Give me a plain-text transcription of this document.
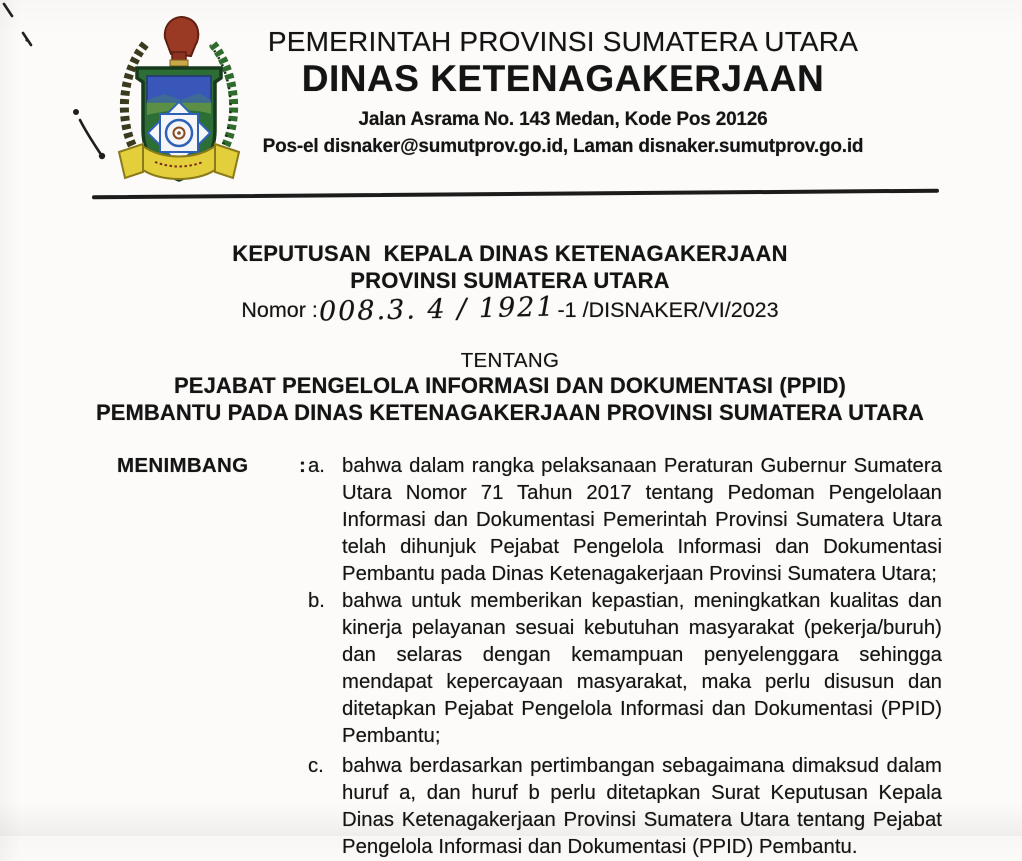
PEMERINTAH PROVINSI SUMATERA UTARA
DINAS KETENAGAKERJAAN
Jalan Asrama No. 143 Medan, Kode Pos 20126
Pos-el disnaker@sumutprov.go.id, Laman disnaker.sumutprov.go.id
KEPUTUSAN  KEPALA DINAS KETENAGAKERJAAN
PROVINSI SUMATERA UTARA
Nomor :008.3. 4 / 1921-1 /DISNAKER/VI/2023
TENTANG
PEJABAT PENGELOLA INFORMASI DAN DOKUMENTASI (PPID)
PEMBANTU PADA DINAS KETENAGAKERJAAN PROVINSI SUMATERA UTARA
MENIMBANG : a. bahwa dalam rangka pelaksanaan Peraturan Gubernur Sumatera Utara Nomor 71 Tahun 2017 tentang Pedoman Pengelolaan Informasi dan Dokumentasi Pemerintah Provinsi Sumatera Utara telah dihunjuk Pejabat Pengelola Informasi dan Dokumentasi Pembantu pada Dinas Ketenagakerjaan Provinsi Sumatera Utara;
b. bahwa untuk memberikan kepastian, meningkatkan kualitas dan kinerja pelayanan sesuai kebutuhan masyarakat (pekerja/buruh) dan selaras dengan kemampuan penyelenggara sehingga mendapat kepercayaan masyarakat, maka perlu disusun dan ditetapkan Pejabat Pengelola Informasi dan Dokumentasi (PPID) Pembantu;
c. bahwa berdasarkan pertimbangan sebagaimana dimaksud dalam huruf a, dan huruf b perlu ditetapkan Surat Keputusan Kepala Dinas Ketenagakerjaan Provinsi Sumatera Utara tentang Pejabat Pengelola Informasi dan Dokumentasi (PPID) Pembantu.
